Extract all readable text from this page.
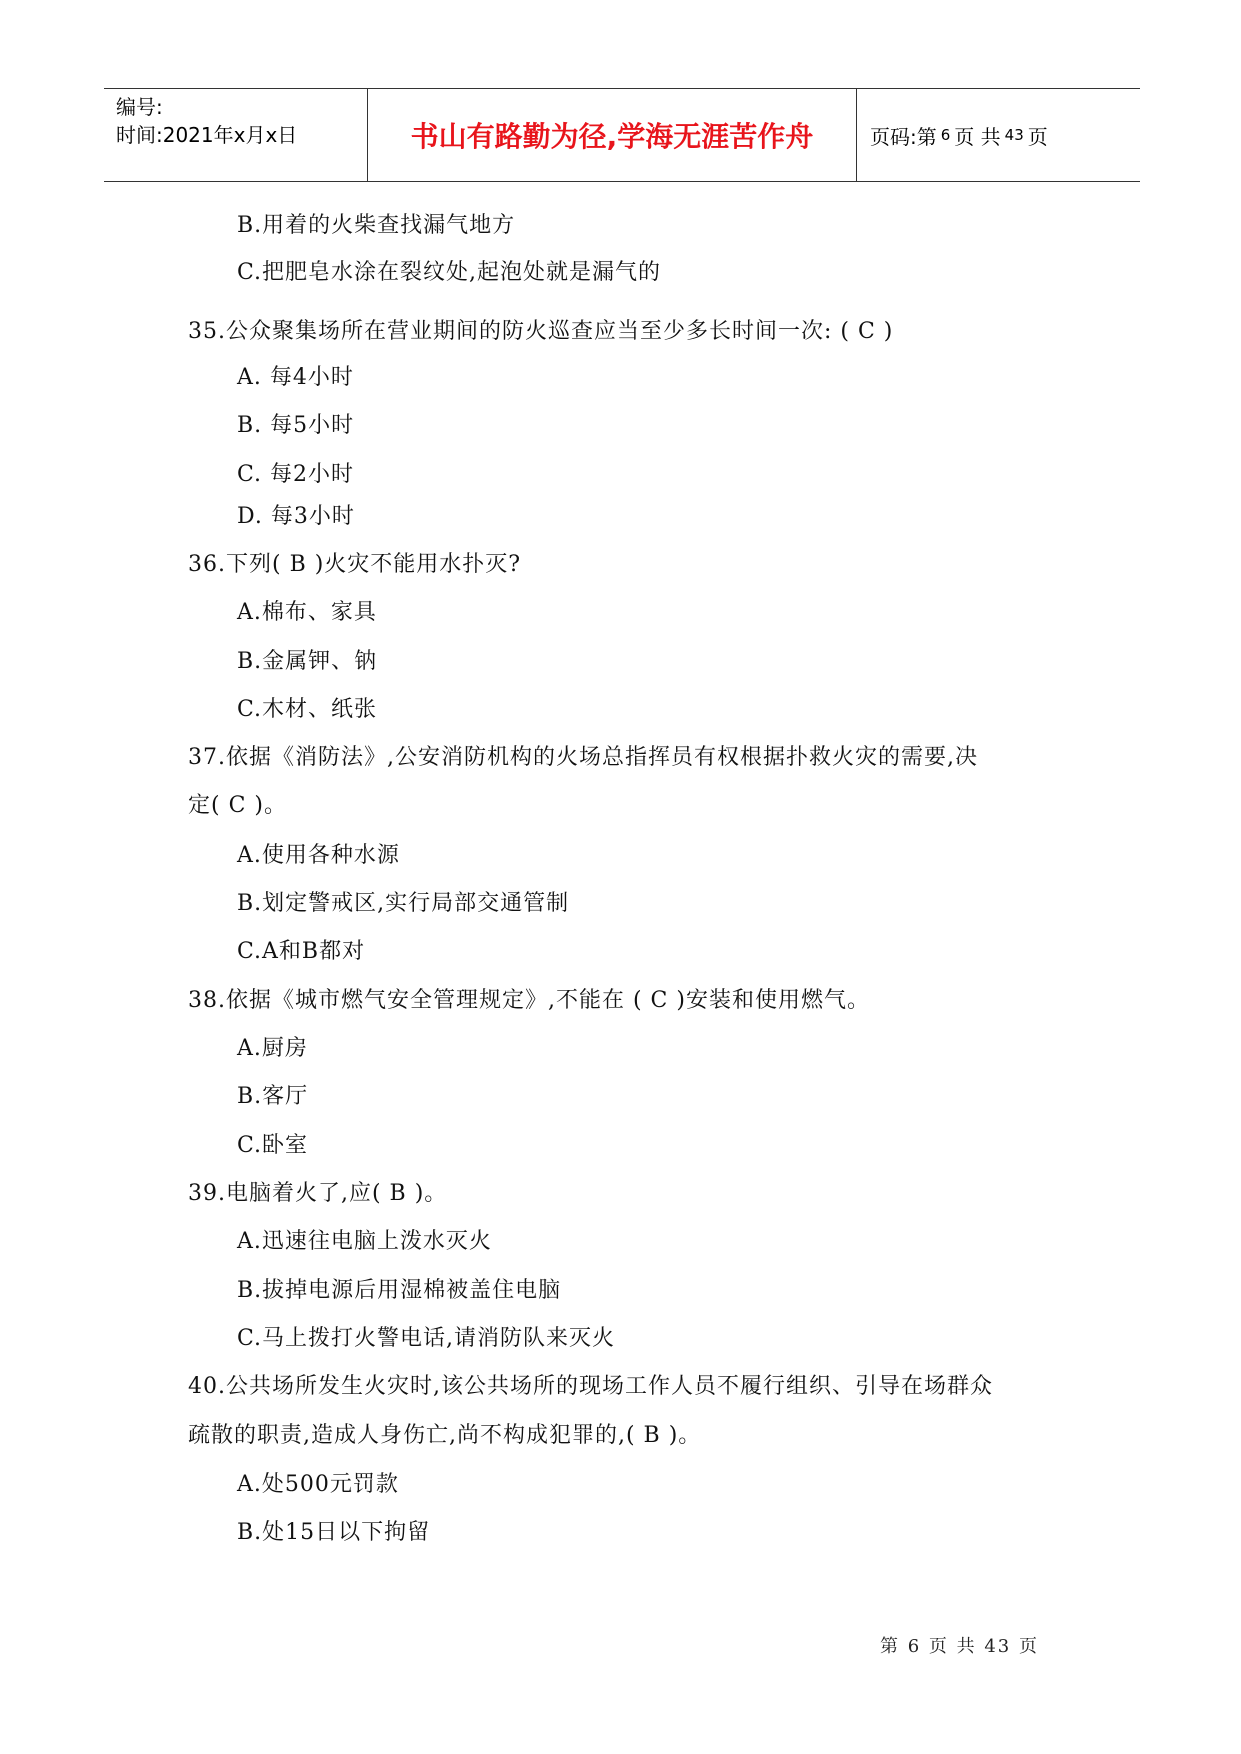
编号:
时间:2021年x月x日	书山有路勤为径,学海无涯苦作舟	页码:第 6 页 共 43 页
B.用着的火柴查找漏气地方
C.把肥皂水涂在裂纹处,起泡处就是漏气的
35.公众聚集场所在营业期间的防火巡查应当至少多长时间一次: ( C )
A. 每4小时
B. 每5小时
C. 每2小时
D. 每3小时
36.下列( B )火灾不能用水扑灭?
A.棉布、家具
B.金属钾、钠
C.木材、纸张
37.依据《消防法》,公安消防机构的火场总指挥员有权根据扑救火灾的需要,决
定( C )。
A.使用各种水源
B.划定警戒区,实行局部交通管制
C.A和B都对
38.依据《城市燃气安全管理规定》,不能在 ( C )安装和使用燃气。
A.厨房
B.客厅
C.卧室
39.电脑着火了,应( B )。
A.迅速往电脑上泼水灭火
B.拔掉电源后用湿棉被盖住电脑
C.马上拨打火警电话,请消防队来灭火
40.公共场所发生火灾时,该公共场所的现场工作人员不履行组织、引导在场群众
疏散的职责,造成人身伤亡,尚不构成犯罪的,( B )。
A.处500元罚款
B.处15日以下拘留
第 6 页 共 43 页
